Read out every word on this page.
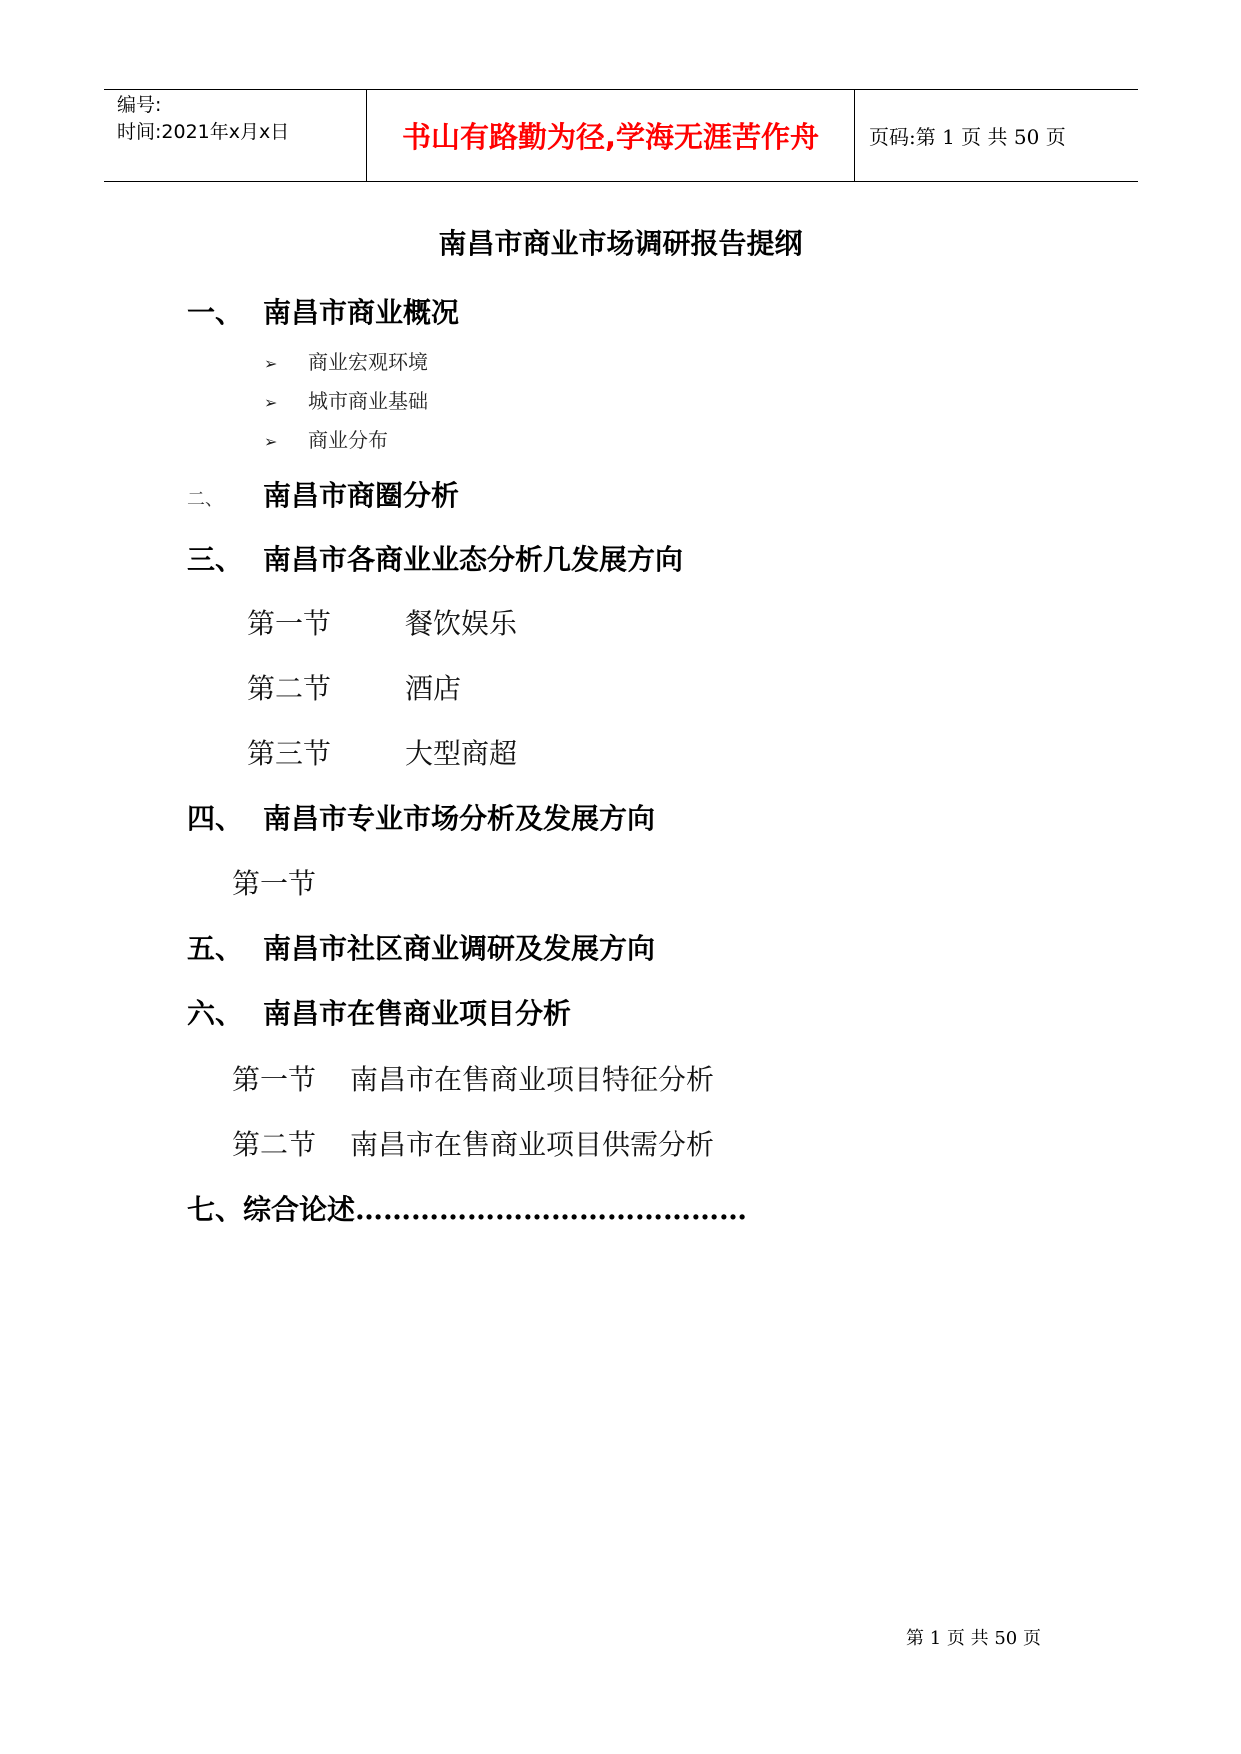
编号:
时间:2021年x月x日	书山有路勤为径,学海无涯苦作舟 页码:第 1 页 共 50 页
南昌市商业市场调研报告提纲
一、 南昌市商业概况
➢ 商业宏观环境
➢ 城市商业基础
➢ 商业分布
二、 南昌市商圈分析
三、 南昌市各商业业态分析几发展方向
第一节	餐饮娱乐
第二节	酒店
第三节	大型商超
四、 南昌市专业市场分析及发展方向
第一节
五、 南昌市社区商业调研及发展方向
六、 南昌市在售商业项目分析
第一节 南昌市在售商业项目特征分析
第二节 南昌市在售商业项目供需分析
七、综合论述……………………………………
第 1 页 共 50 页
